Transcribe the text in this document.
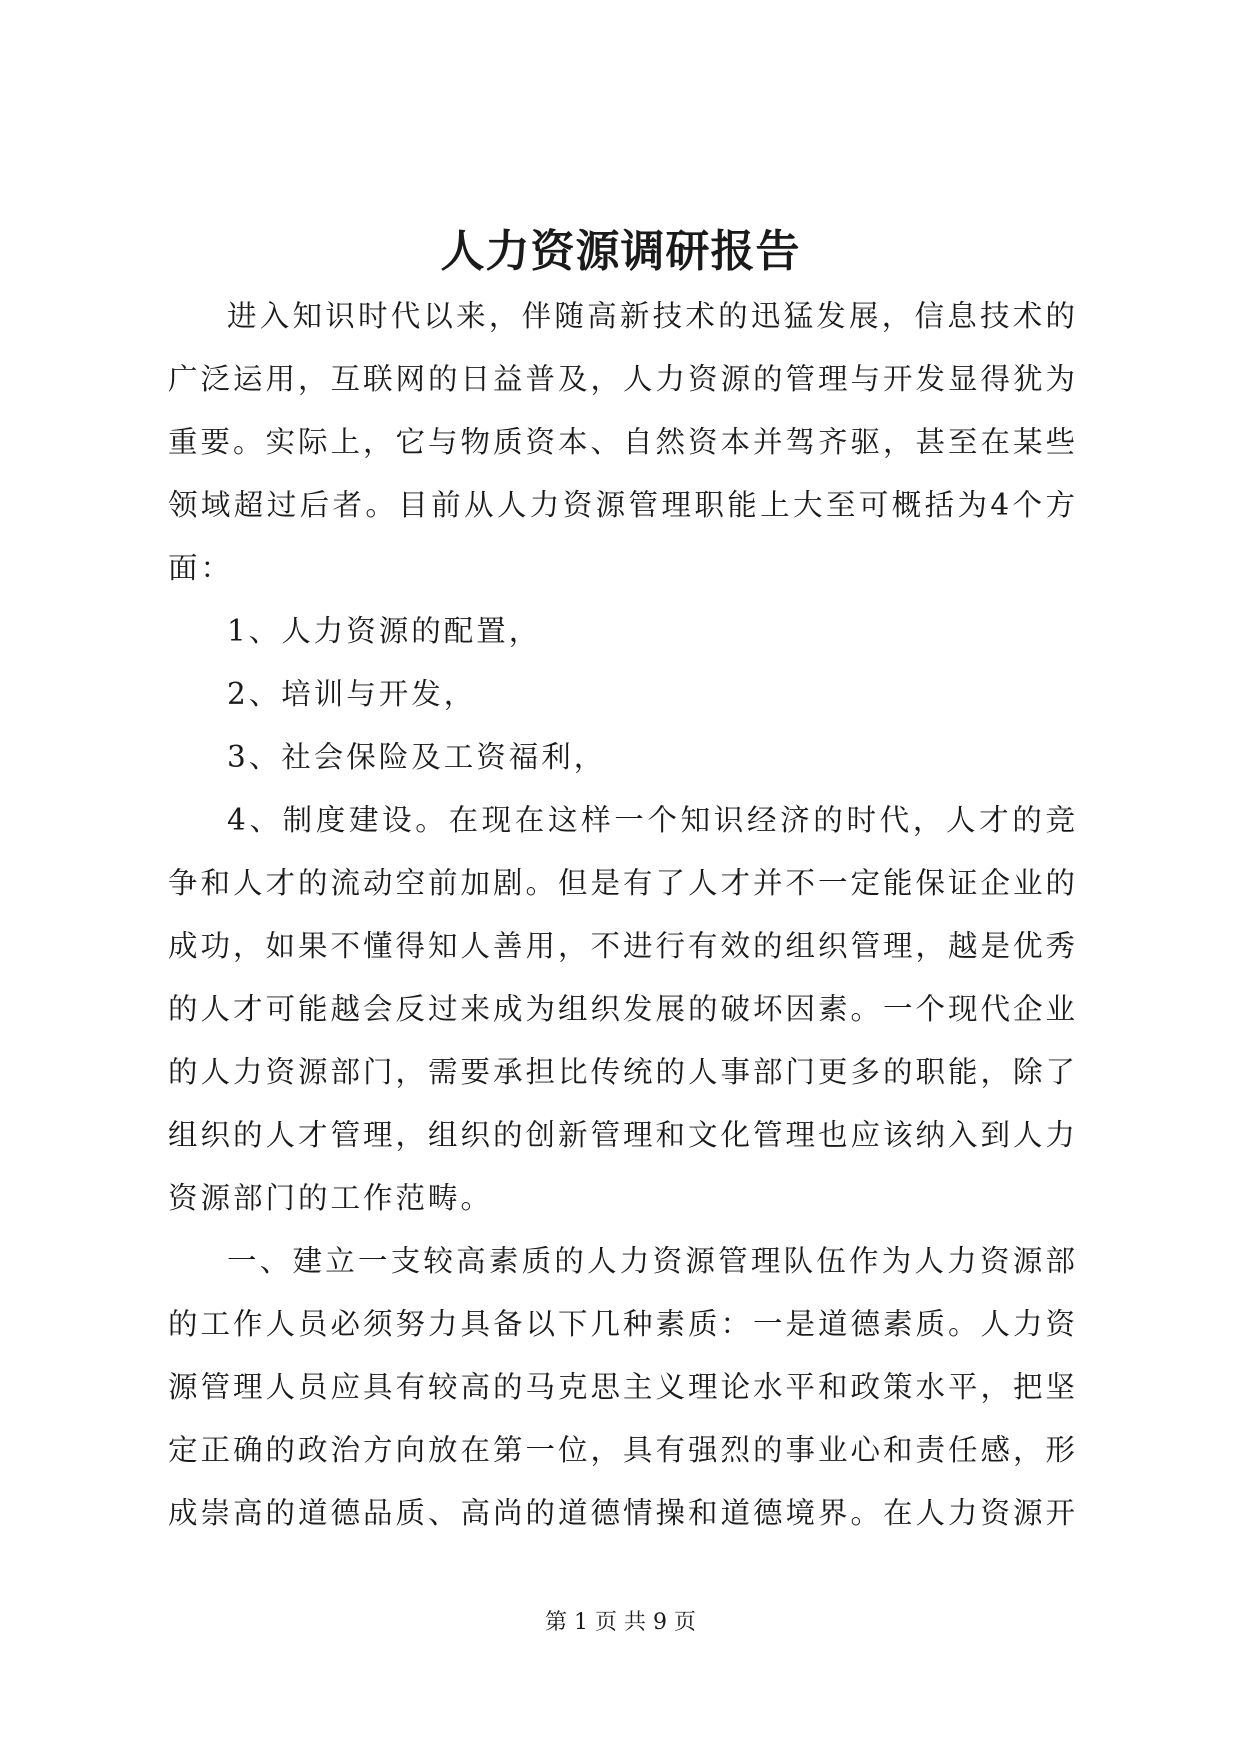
人力资源调研报告

进入知识时代以来，伴随高新技术的迅猛发展，信息技术的广泛运用，互联网的日益普及，人力资源的管理与开发显得犹为重要。实际上，它与物质资本、自然资本并驾齐驱，甚至在某些领域超过后者。目前从人力资源管理职能上大至可概括为4个方面：

1、人力资源的配置，

2、培训与开发，

3、社会保险及工资福利，

4、制度建设。在现在这样一个知识经济的时代，人才的竞争和人才的流动空前加剧。但是有了人才并不一定能保证企业的成功，如果不懂得知人善用，不进行有效的组织管理，越是优秀的人才可能越会反过来成为组织发展的破坏因素。一个现代企业的人力资源部门，需要承担比传统的人事部门更多的职能，除了组织的人才管理，组织的创新管理和文化管理也应该纳入到人力资源部门的工作范畴。

一、建立一支较高素质的人力资源管理队伍作为人力资源部的工作人员必须努力具备以下几种素质：一是道德素质。人力资源管理人员应具有较高的马克思主义理论水平和政策水平，把坚定正确的政治方向放在第一位，具有强烈的事业心和责任感，形成崇高的道德品质、高尚的道德情操和道德境界。在人力资源开

第 1 页 共 9 页
